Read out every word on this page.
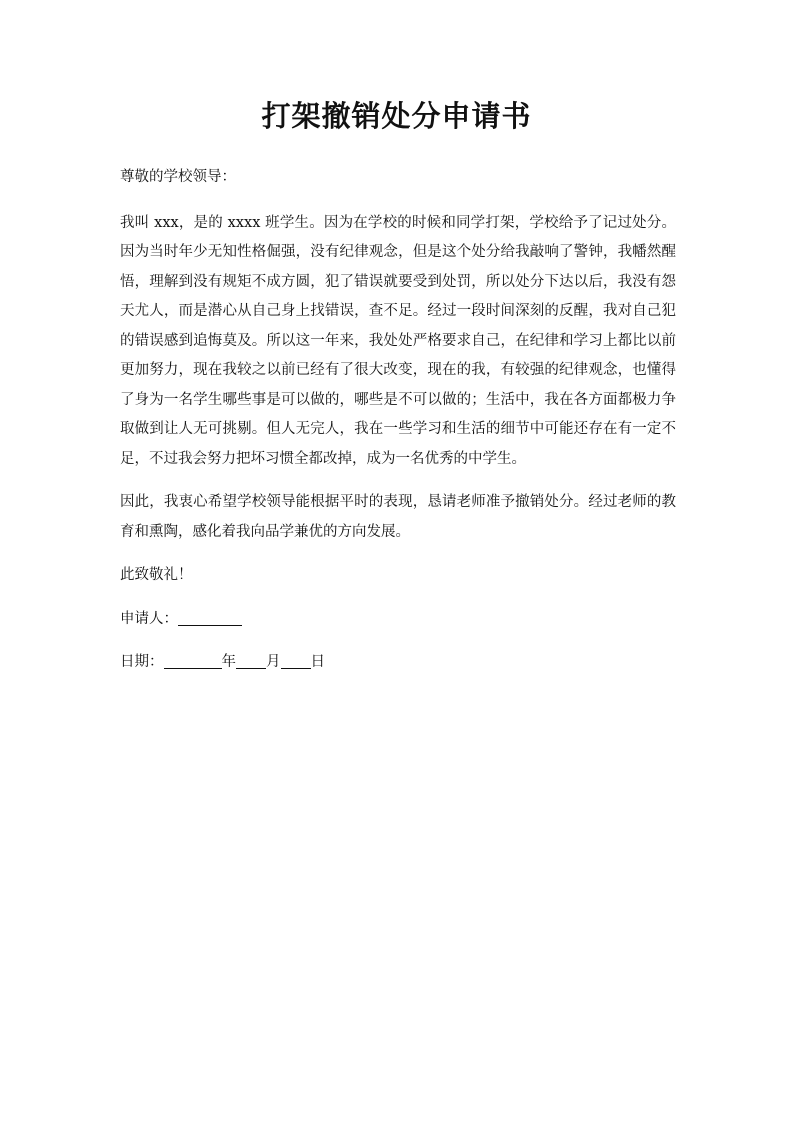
打架撤销处分申请书

尊敬的学校领导：

我叫 xxx，是的 xxxx 班学生。因为在学校的时候和同学打架，学校给予了记过处分。因为当时年少无知性格倔强，没有纪律观念，但是这个处分给我敲响了警钟，我幡然醒悟，理解到没有规矩不成方圆，犯了错误就要受到处罚，所以处分下达以后，我没有怨天尤人，而是潜心从自己身上找错误，查不足。经过一段时间深刻的反醒，我对自己犯的错误感到追悔莫及。所以这一年来，我处处严格要求自己，在纪律和学习上都比以前更加努力，现在我较之以前已经有了很大改变，现在的我，有较强的纪律观念，也懂得了身为一名学生哪些事是可以做的，哪些是不可以做的；生活中，我在各方面都极力争取做到让人无可挑剔。但人无完人，我在一些学习和生活的细节中可能还存在有一定不足，不过我会努力把坏习惯全都改掉，成为一名优秀的中学生。

因此，我衷心希望学校领导能根据平时的表现，恳请老师准予撤销处分。经过老师的教育和熏陶，感化着我向品学兼优的方向发展。

此致敬礼！

申请人：

日期：	年 月 日
